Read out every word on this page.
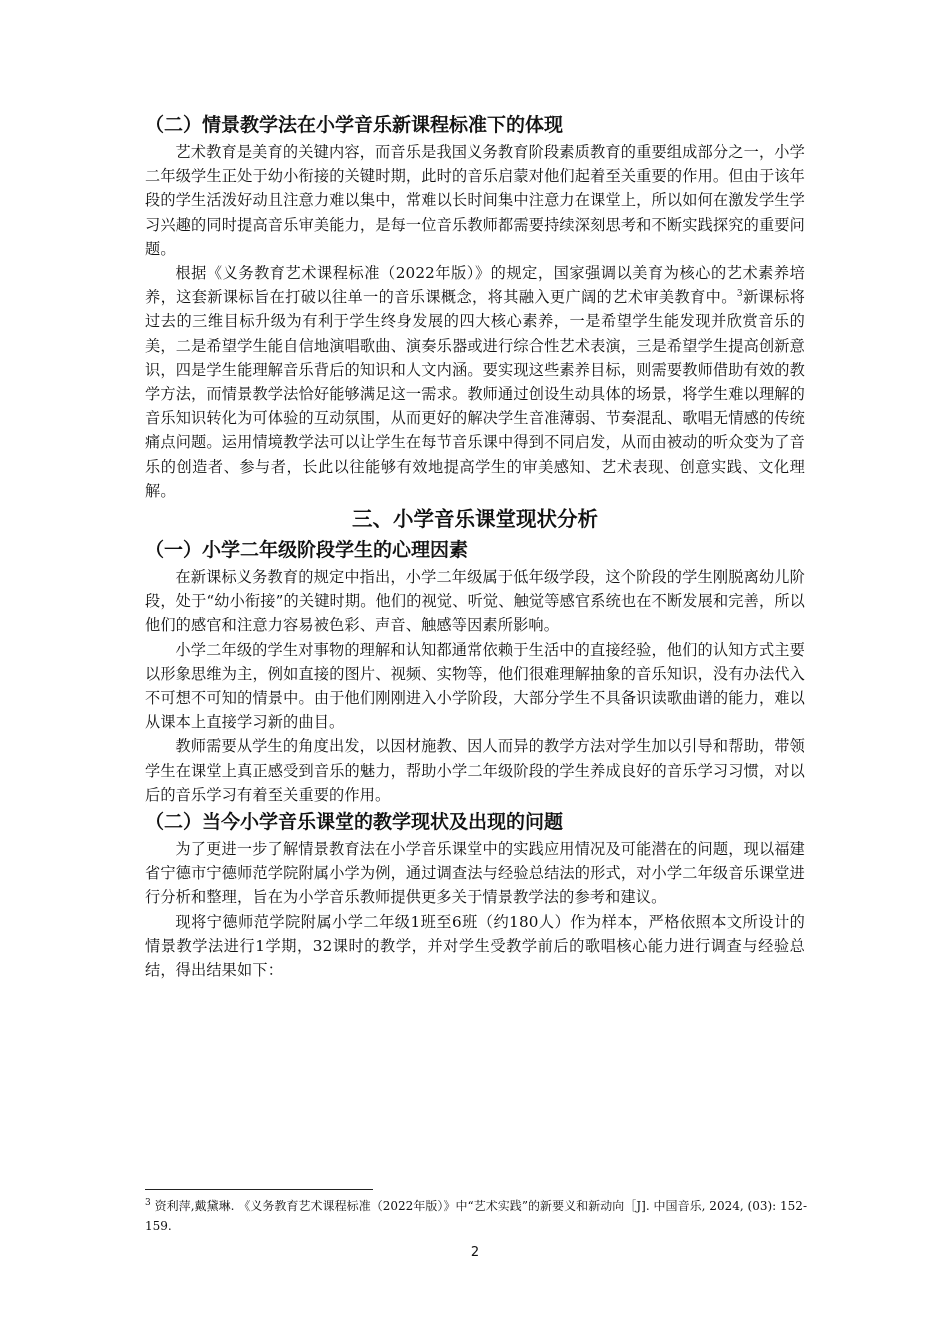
（二）情景教学法在小学音乐新课程标准下的体现

艺术教育是美育的关键内容，而音乐是我国义务教育阶段素质教育的重要组成部分之一，小学二年级学生正处于幼小衔接的关键时期，此时的音乐启蒙对他们起着至关重要的作用。但由于该年段的学生活泼好动且注意力难以集中，常难以长时间集中注意力在课堂上，所以如何在激发学生学习兴趣的同时提高音乐审美能力，是每一位音乐教师都需要持续深刻思考和不断实践探究的重要问题。

根据《义务教育艺术课程标准（2022年版）》的规定，国家强调以美育为核心的艺术素养培养，这套新课标旨在打破以往单一的音乐课概念，将其融入更广阔的艺术审美教育中。$^3$新课标将过去的三维目标升级为有利于学生终身发展的四大核心素养，一是希望学生能发现并欣赏音乐的美，二是希望学生能自信地演唱歌曲、演奏乐器或进行综合性艺术表演，三是希望学生提高创新意识，四是学生能理解音乐背后的知识和人文内涵。要实现这些素养目标，则需要教师借助有效的教学方法，而情景教学法恰好能够满足这一需求。教师通过创设生动具体的场景，将学生难以理解的音乐知识转化为可体验的互动氛围，从而更好的解决学生音准薄弱、节奏混乱、歌唱无情感的传统痛点问题。运用情境教学法可以让学生在每节音乐课中得到不同启发，从而由被动的听众变为了音乐的创造者、参与者，长此以往能够有效地提高学生的审美感知、艺术表现、创意实践、文化理解。

三、小学音乐课堂现状分析
（一）小学二年级阶段学生的心理因素

在新课标义务教育的规定中指出，小学二年级属于低年级学段，这个阶段的学生刚脱离幼儿阶段，处于“幼小衔接”的关键时期。他们的视觉、听觉、触觉等感官系统也在不断发展和完善，所以他们的感官和注意力容易被色彩、声音、触感等因素所影响。

小学二年级的学生对事物的理解和认知都通常依赖于生活中的直接经验，他们的认知方式主要以形象思维为主，例如直接的图片、视频、实物等，他们很难理解抽象的音乐知识，没有办法代入不可想不可知的情景中。由于他们刚刚进入小学阶段，大部分学生不具备识读歌曲谱的能力，难以从课本上直接学习新的曲目。

教师需要从学生的角度出发，以因材施教、因人而异的教学方法对学生加以引导和帮助，带领学生在课堂上真正感受到音乐的魅力，帮助小学二年级阶段的学生养成良好的音乐学习习惯，对以后的音乐学习有着至关重要的作用。

（二）当今小学音乐课堂的教学现状及出现的问题

为了更进一步了解情景教育法在小学音乐课堂中的实践应用情况及可能潜在的问题，现以福建省宁德市宁德师范学院附属小学为例，通过调查法与经验总结法的形式，对小学二年级音乐课堂进行分析和整理，旨在为小学音乐教师提供更多关于情景教学法的参考和建议。

现将宁德师范学院附属小学二年级1班至6班（约180人）作为样本，严格依照本文所设计的情景教学法进行1学期，32课时的教学，并对学生受教学前后的歌唱核心能力进行调查与经验总结，得出结果如下：

$^3$ 资利萍,戴黛琳. 《义务教育艺术课程标准（2022年版）》中“艺术实践”的新要义和新动向［J]. 中国音乐, 2024, (03): 152-159.
2
